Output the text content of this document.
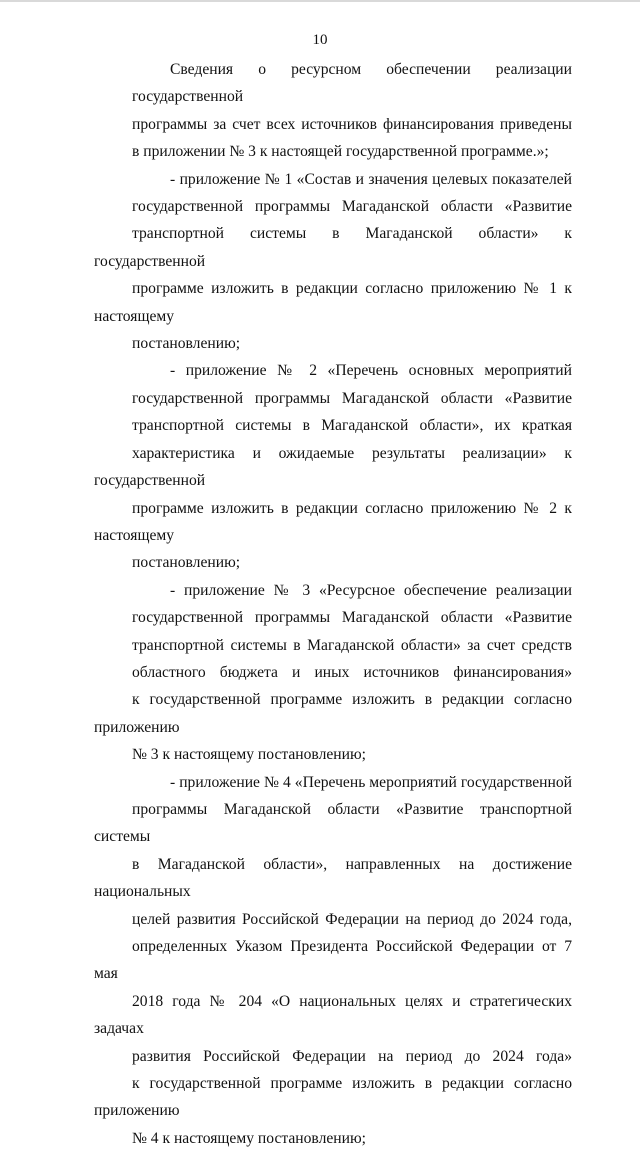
10
Сведения о ресурсном обеспечении реализации государственной
программы за счет всех источников финансирования приведены
в приложении № 3 к настоящей государственной программе.»;
- приложение № 1 «Состав и значения целевых показателей
государственной программы Магаданской области «Развитие
транспортной системы в Магаданской области» к государственной
программе изложить в редакции согласно приложению № 1 к настоящему
постановлению;
- приложение № 2 «Перечень основных мероприятий
государственной программы Магаданской области «Развитие
транспортной системы в Магаданской области», их краткая
характеристика и ожидаемые результаты реализации» к государственной
программе изложить в редакции согласно приложению № 2 к настоящему
постановлению;
- приложение № 3 «Ресурсное обеспечение реализации
государственной программы Магаданской области «Развитие
транспортной системы в Магаданской области» за счет средств
областного бюджета и иных источников финансирования»
к государственной программе изложить в редакции согласно приложению
№ 3 к настоящему постановлению;
- приложение № 4 «Перечень мероприятий государственной
программы Магаданской области «Развитие транспортной системы
в Магаданской области», направленных на достижение национальных
целей развития Российской Федерации на период до 2024 года,
определенных Указом Президента Российской Федерации от 7 мая
2018 года № 204 «О национальных целях и стратегических задачах
развития Российской Федерации на период до 2024 года»
к государственной программе изложить в редакции согласно приложению
№ 4 к настоящему постановлению;
